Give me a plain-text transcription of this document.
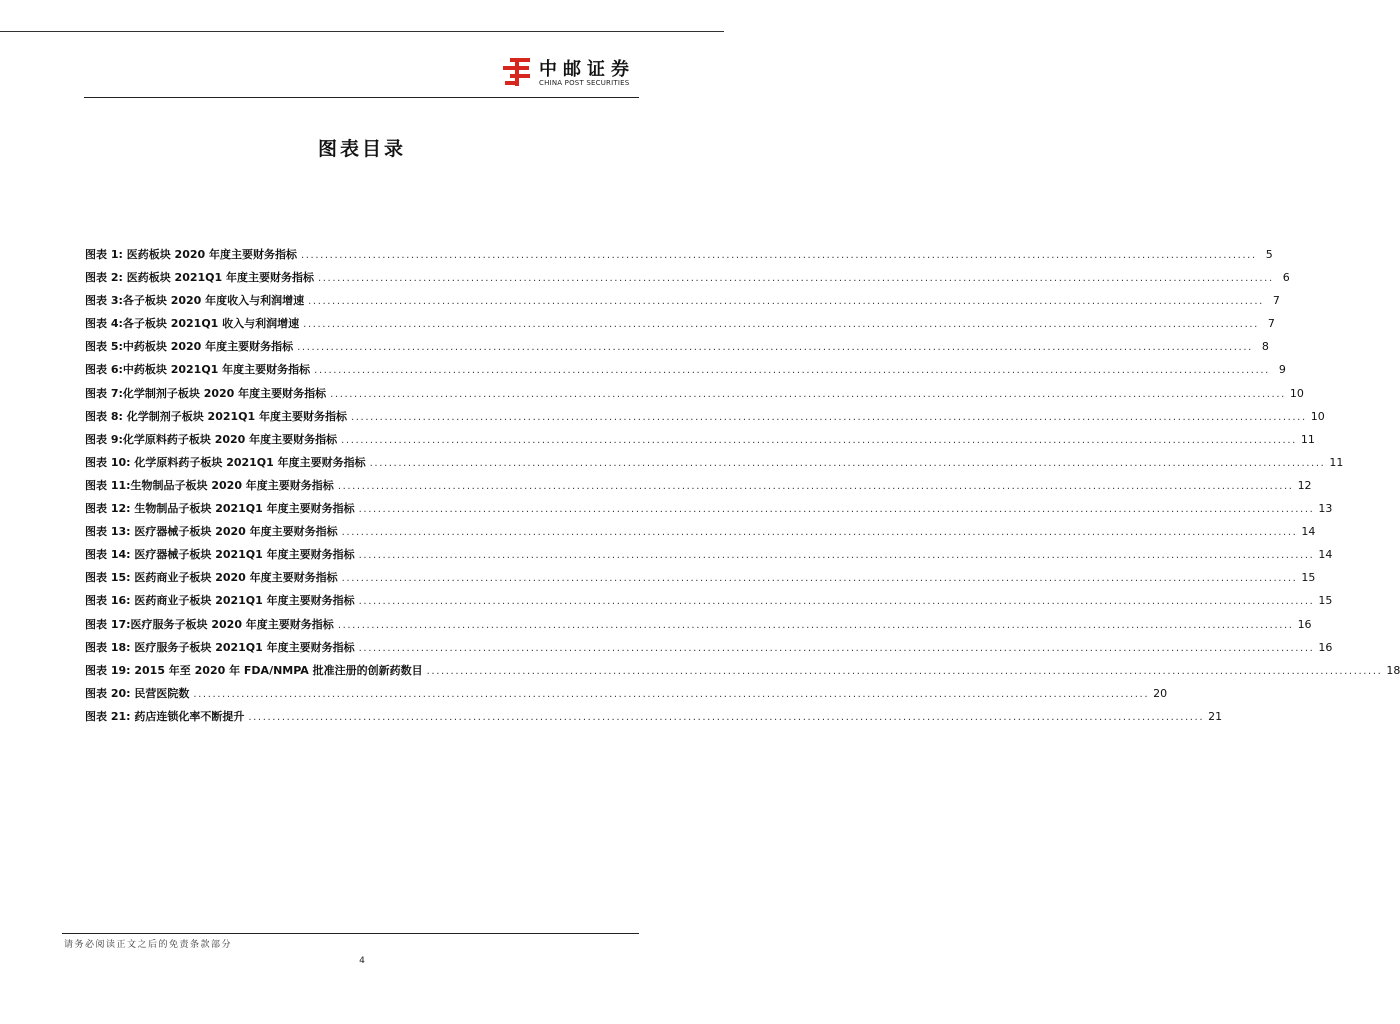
中邮证券
CHINA POST SECURITIES
图表目录
图表 1: 医药板块 2020 年度主要财务指标 ........................................................................................................................................................................................................ 5
图表 2: 医药板块 2021Q1 年度主要财务指标 ........................................................................................................................................................................................................ 6
图表 3:各子板块 2020 年度收入与利润增速 ........................................................................................................................................................................................................ 7
图表 4:各子板块 2021Q1 收入与利润增速 ........................................................................................................................................................................................................ 7
图表 5:中药板块 2020 年度主要财务指标 ........................................................................................................................................................................................................ 8
图表 6:中药板块 2021Q1 年度主要财务指标 ........................................................................................................................................................................................................ 9
图表 7:化学制剂子板块 2020 年度主要财务指标 ........................................................................................................................................................................................................ 10
图表 8: 化学制剂子板块 2021Q1 年度主要财务指标 ........................................................................................................................................................................................................ 10
图表 9:化学原料药子板块 2020 年度主要财务指标 ........................................................................................................................................................................................................ 11
图表 10: 化学原料药子板块 2021Q1 年度主要财务指标 ........................................................................................................................................................................................................ 11
图表 11:生物制品子板块 2020 年度主要财务指标 ........................................................................................................................................................................................................ 12
图表 12: 生物制品子板块 2021Q1 年度主要财务指标 ........................................................................................................................................................................................................ 13
图表 13: 医疗器械子板块 2020 年度主要财务指标 ........................................................................................................................................................................................................ 14
图表 14: 医疗器械子板块 2021Q1 年度主要财务指标 ........................................................................................................................................................................................................ 14
图表 15: 医药商业子板块 2020 年度主要财务指标 ........................................................................................................................................................................................................ 15
图表 16: 医药商业子板块 2021Q1 年度主要财务指标 ........................................................................................................................................................................................................ 15
图表 17:医疗服务子板块 2020 年度主要财务指标 ........................................................................................................................................................................................................ 16
图表 18: 医疗服务子板块 2021Q1 年度主要财务指标 ........................................................................................................................................................................................................ 16
图表 19: 2015 年至 2020 年 FDA/NMPA 批准注册的创新药数目 ........................................................................................................................................................................................................ 18
图表 20: 民营医院数 ........................................................................................................................................................................................................ 20
图表 21: 药店连锁化率不断提升 ........................................................................................................................................................................................................ 21
请务必阅读正文之后的免责条款部分
4
